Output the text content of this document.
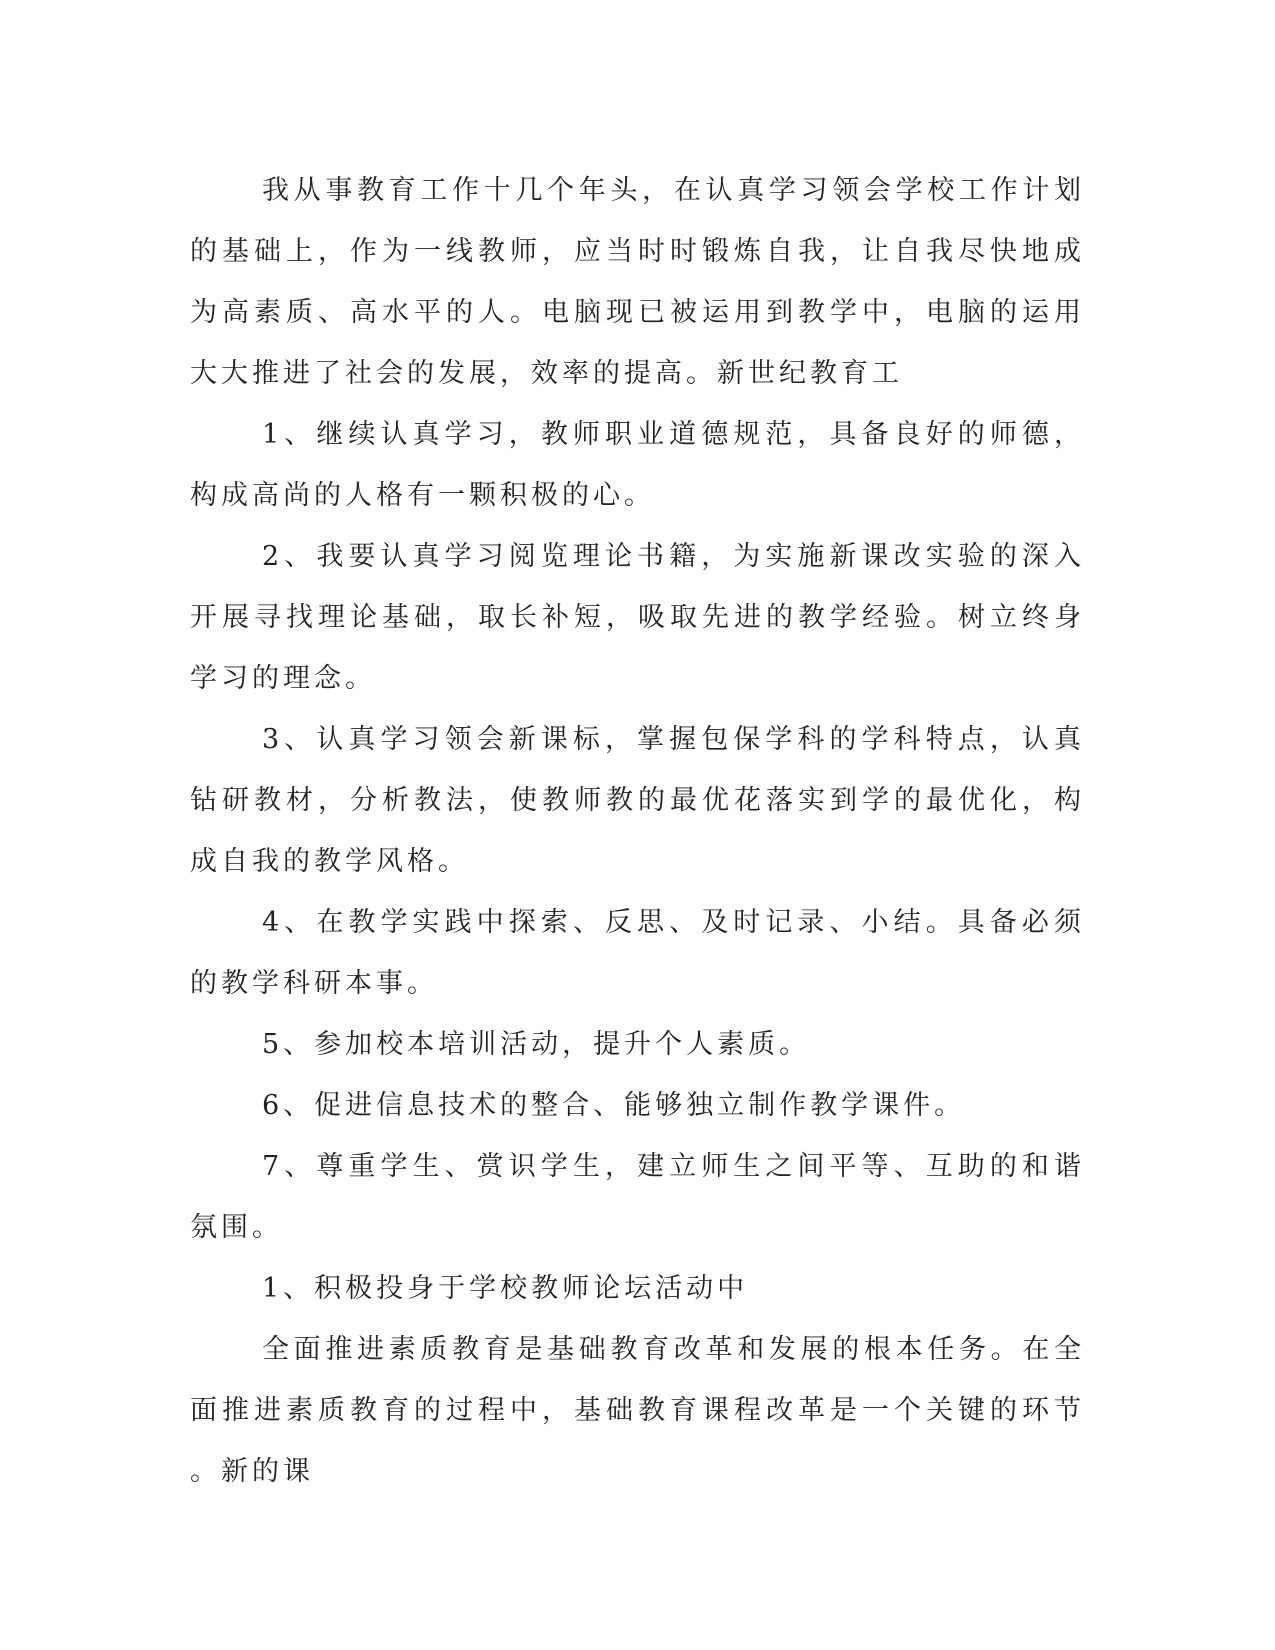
我从事教育工作十几个年头，在认真学习领会学校工作计划的基础上，作为一线教师，应当时时锻炼自我，让自我尽快地成为高素质、高水平的人。电脑现已被运用到教学中，电脑的运用大大推进了社会的发展，效率的提高。新世纪教育工

1、继续认真学习，教师职业道德规范，具备良好的师德，构成高尚的人格有一颗积极的心。

2、我要认真学习阅览理论书籍，为实施新课改实验的深入开展寻找理论基础，取长补短，吸取先进的教学经验。树立终身学习的理念。

3、认真学习领会新课标，掌握包保学科的学科特点，认真钻研教材，分析教法，使教师教的最优花落实到学的最优化，构成自我的教学风格。

4、在教学实践中探索、反思、及时记录、小结。具备必须的教学科研本事。

5、参加校本培训活动，提升个人素质。

6、促进信息技术的整合、能够独立制作教学课件。

7、尊重学生、赏识学生，建立师生之间平等、互助的和谐氛围。

1、积极投身于学校教师论坛活动中

全面推进素质教育是基础教育改革和发展的根本任务。在全面推进素质教育的过程中，基础教育课程改革是一个关键的环节。新的课
